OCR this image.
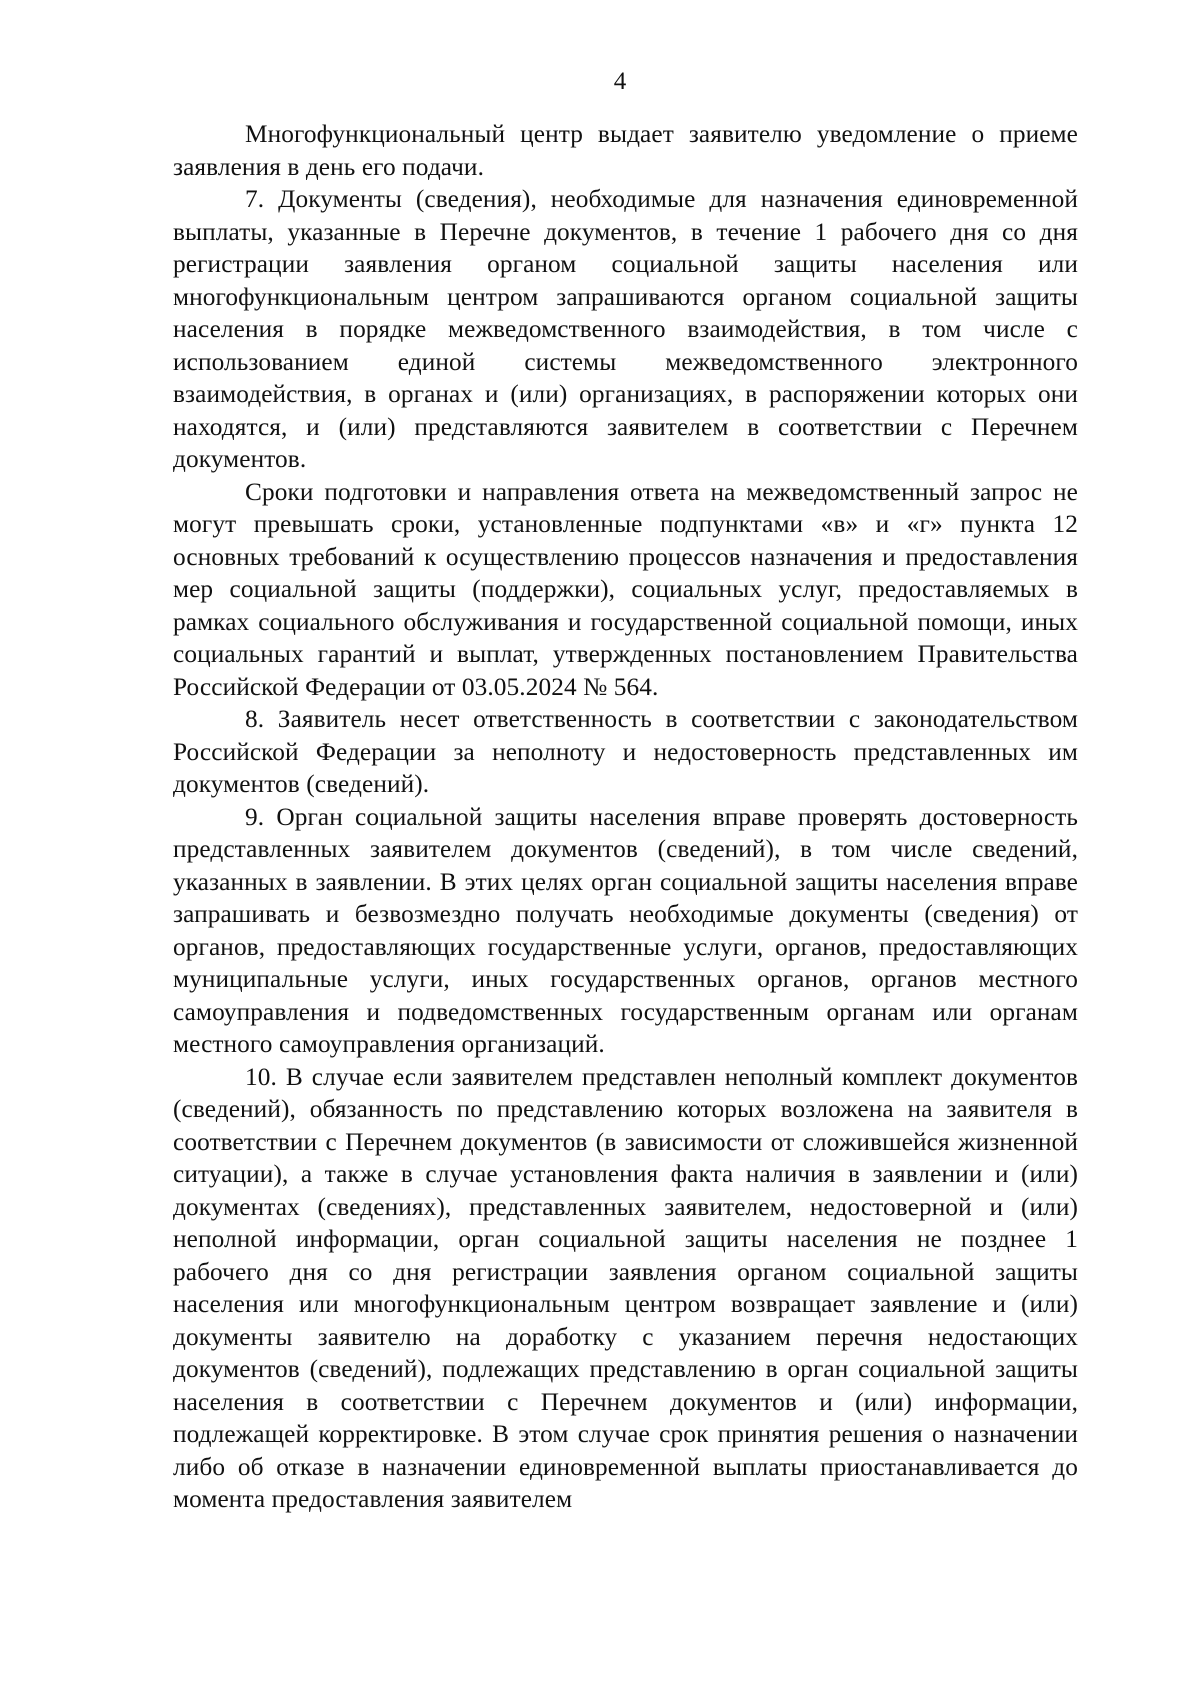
4

Многофункциональный центр выдает заявителю уведомление о приеме заявления в день его подачи.

7. Документы (сведения), необходимые для назначения единовременной выплаты, указанные в Перечне документов, в течение 1 рабочего дня со дня регистрации заявления органом социальной защиты населения или многофункциональным центром запрашиваются органом социальной защиты населения в порядке межведомственного взаимодействия, в том числе с использованием единой системы межведомственного электронного взаимодействия, в органах и (или) организациях, в распоряжении которых они находятся, и (или) представляются заявителем в соответствии с Перечнем документов.

Сроки подготовки и направления ответа на межведомственный запрос не могут превышать сроки, установленные подпунктами «в» и «г» пункта 12 основных требований к осуществлению процессов назначения и предоставления мер социальной защиты (поддержки), социальных услуг, предоставляемых в рамках социального обслуживания и государственной социальной помощи, иных социальных гарантий и выплат, утвержденных постановлением Правительства Российской Федерации от 03.05.2024 № 564.

8. Заявитель несет ответственность в соответствии с законодательством Российской Федерации за неполноту и недостоверность представленных им документов (сведений).

9. Орган социальной защиты населения вправе проверять достоверность представленных заявителем документов (сведений), в том числе сведений, указанных в заявлении. В этих целях орган социальной защиты населения вправе запрашивать и безвозмездно получать необходимые документы (сведения) от органов, предоставляющих государственные услуги, органов, предоставляющих муниципальные услуги, иных государственных органов, органов местного самоуправления и подведомственных государственным органам или органам местного самоуправления организаций.

10. В случае если заявителем представлен неполный комплект документов (сведений), обязанность по представлению которых возложена на заявителя в соответствии с Перечнем документов (в зависимости от сложившейся жизненной ситуации), а также в случае установления факта наличия в заявлении и (или) документах (сведениях), представленных заявителем, недостоверной и (или) неполной информации, орган социальной защиты населения не позднее 1 рабочего дня со дня регистрации заявления органом социальной защиты населения или многофункциональным центром возвращает заявление и (или) документы заявителю на доработку с указанием перечня недостающих документов (сведений), подлежащих представлению в орган социальной защиты населения в соответствии с Перечнем документов и (или) информации, подлежащей корректировке. В этом случае срок принятия решения о назначении либо об отказе в назначении единовременной выплаты приостанавливается до момента предоставления заявителем
